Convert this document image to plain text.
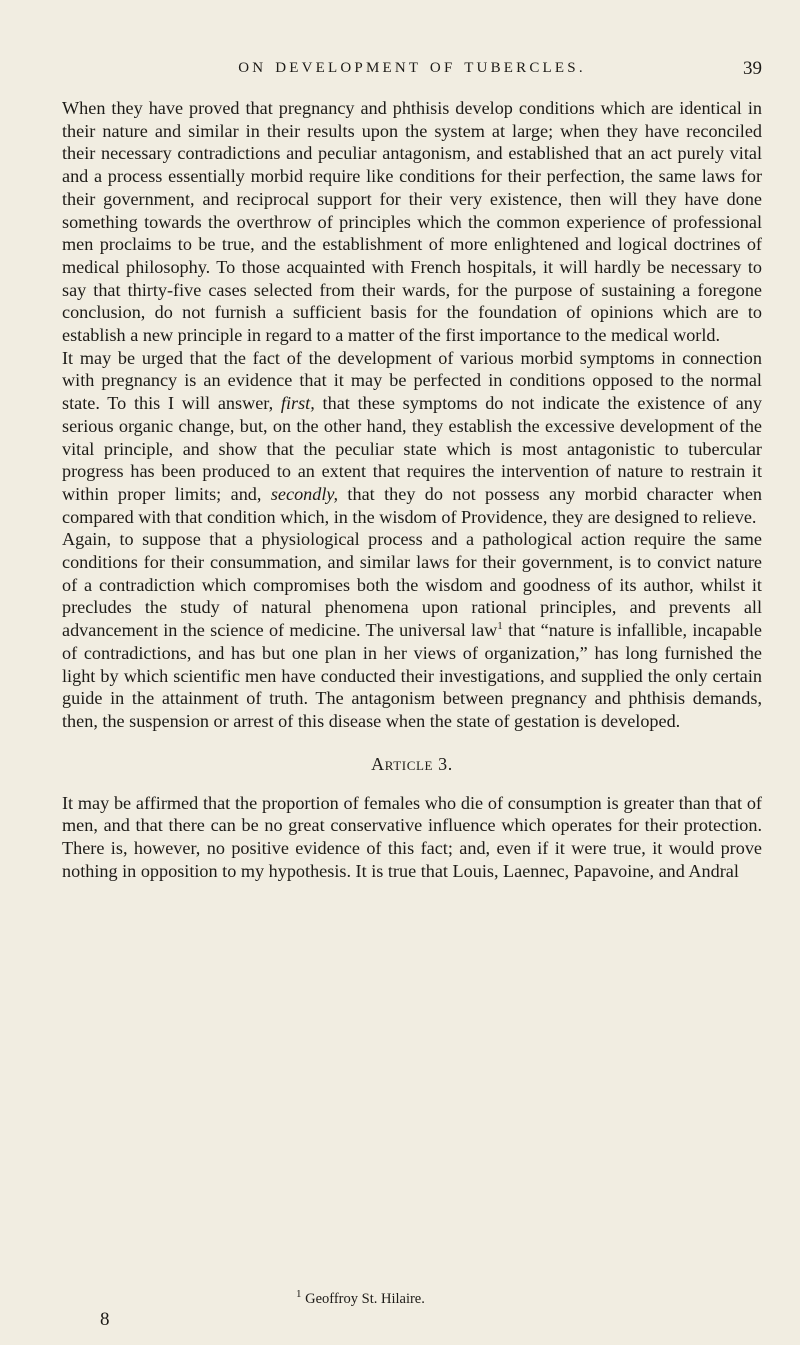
ON DEVELOPMENT OF TUBERCLES.	39

When they have proved that pregnancy and phthisis develop conditions which are identical in their nature and similar in their results upon the system at large; when they have reconciled their necessary contradictions and peculiar antagonism, and established that an act purely vital and a process essentially morbid require like conditions for their perfection, the same laws for their government, and reciprocal support for their very existence, then will they have done something towards the overthrow of principles which the common experience of professional men proclaims to be true, and the establishment of more enlightened and logical doctrines of medical philosophy. To those acquainted with French hospitals, it will hardly be necessary to say that thirty-five cases selected from their wards, for the purpose of sustaining a foregone conclusion, do not furnish a sufficient basis for the foundation of opinions which are to establish a new principle in regard to a matter of the first importance to the medical world.

It may be urged that the fact of the development of various morbid symptoms in connection with pregnancy is an evidence that it may be perfected in conditions opposed to the normal state. To this I will answer, first, that these symptoms do not indicate the existence of any serious organic change, but, on the other hand, they establish the excessive development of the vital principle, and show that the peculiar state which is most antagonistic to tubercular progress has been produced to an extent that requires the intervention of nature to restrain it within proper limits; and, secondly, that they do not possess any morbid character when compared with that condition which, in the wisdom of Providence, they are designed to relieve.

Again, to suppose that a physiological process and a pathological action require the same conditions for their consummation, and similar laws for their government, is to convict nature of a contradiction which compromises both the wisdom and goodness of its author, whilst it precludes the study of natural phenomena upon rational principles, and prevents all advancement in the science of medicine. The universal law$^1$ that “nature is infallible, incapable of contradictions, and has but one plan in her views of organization,” has long furnished the light by which scientific men have conducted their investigations, and supplied the only certain guide in the attainment of truth. The antagonism between pregnancy and phthisis demands, then, the suspension or arrest of this disease when the state of gestation is developed.

Article 3.

It may be affirmed that the proportion of females who die of consumption is greater than that of men, and that there can be no great conservative influence which operates for their protection. There is, however, no positive evidence of this fact; and, even if it were true, it would prove nothing in opposition to my hypothesis. It is true that Louis, Laennec, Papavoine, and Andral

$^1$ Geoffroy St. Hilaire.
8
